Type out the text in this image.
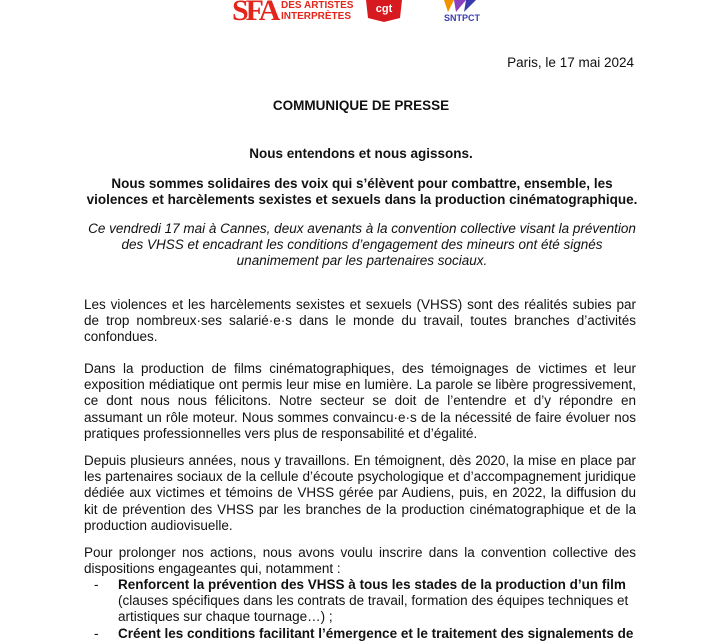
SFA DES ARTISTES
INTERPRÈTES
cgt
SNTPCT
Paris, le 17 mai 2024
COMMUNIQUE DE PRESSE
Nous entendons et nous agissons.
Nous sommes solidaires des voix qui s’élèvent pour combattre, ensemble, les violences et harcèlements sexistes et sexuels dans la production cinématographique.
Ce vendredi 17 mai à Cannes, deux avenants à la convention collective visant la prévention des VHSS et encadrant les conditions d’engagement des mineurs ont été signés unanimement par les partenaires sociaux.

Les violences et les harcèlements sexistes et sexuels (VHSS) sont des réalités subies par de trop nombreux·ses salarié·e·s dans le monde du travail, toutes branches d’activités confondues.

Dans la production de films cinématographiques, des témoignages de victimes et leur exposition médiatique ont permis leur mise en lumière. La parole se libère progressivement, ce dont nous nous félicitons. Notre secteur se doit de l’entendre et d’y répondre en assumant un rôle moteur. Nous sommes convaincu·e·s de la nécessité de faire évoluer nos pratiques professionnelles vers plus de responsabilité et d’égalité.

Depuis plusieurs années, nous y travaillons. En témoignent, dès 2020, la mise en place par les partenaires sociaux de la cellule d’écoute psychologique et d’accompagnement juridique dédiée aux victimes et témoins de VHSS gérée par Audiens, puis, en 2022, la diffusion du kit de prévention des VHSS par les branches de la production cinématographique et de la production audiovisuelle.

Pour prolonger nos actions, nous avons voulu inscrire dans la convention collective des dispositions engageantes qui, notamment :

- Renforcent la prévention des VHSS à tous les stades de la production d’un film (clauses spécifiques dans les contrats de travail, formation des équipes techniques et artistiques sur chaque tournage…) ;
- Créent les conditions facilitant l’émergence et le traitement des signalements de
